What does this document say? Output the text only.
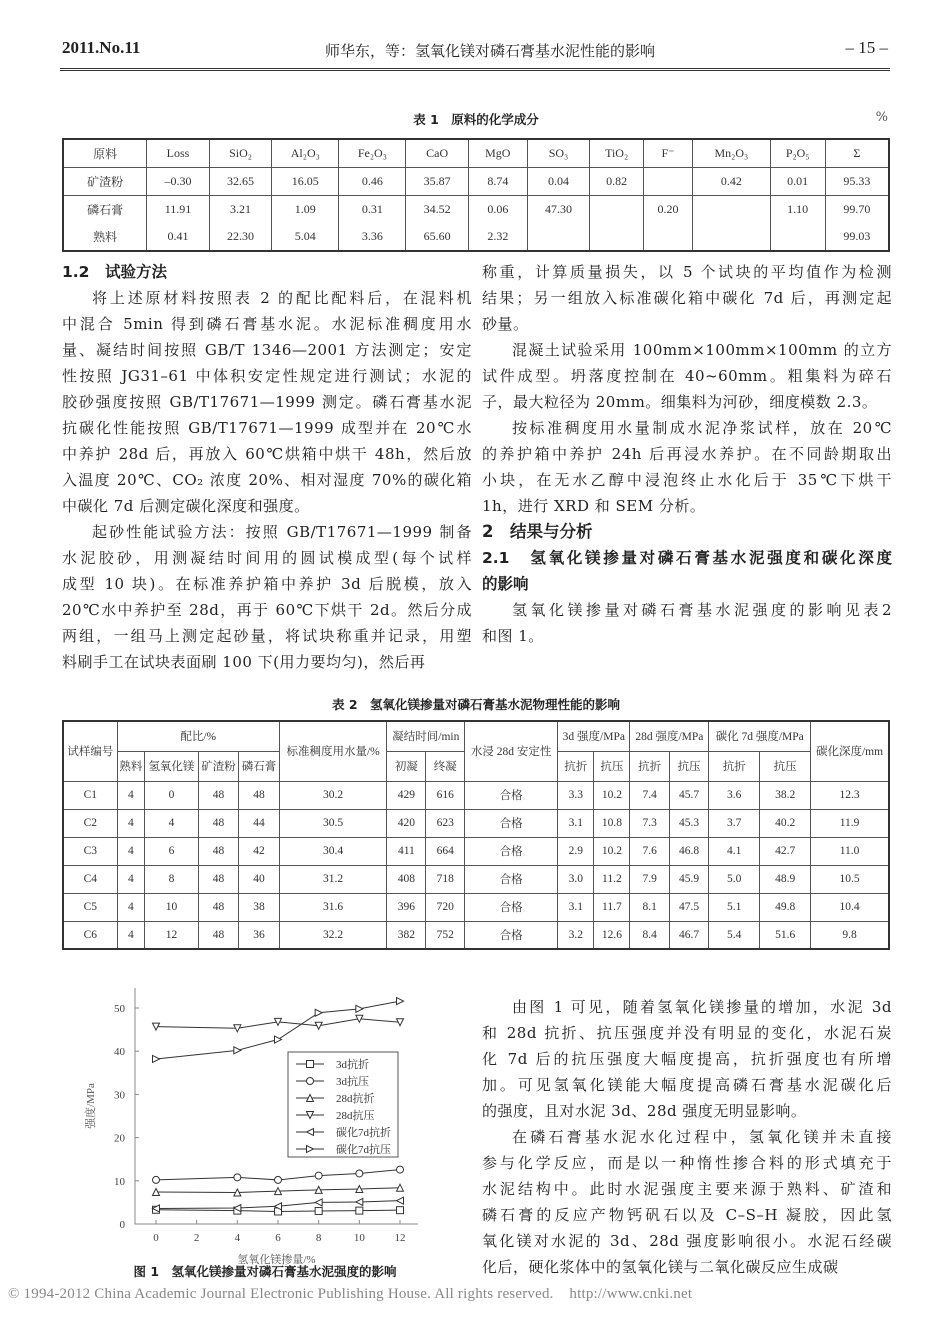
2011.No.11	师华东，等：氢氧化镁对磷石膏基水泥性能的影响	– 15 –
表 1　原料的化学成分	%
原料	Loss	SiO₂	Al₂O₃	Fe₂O₃	CaO	MgO	SO₃	TiO₂	F⁻	Mn₂O₃	P₂O₅	Σ
矿渣粉	–0.30	32.65	16.05	0.46	35.87	8.74	0.04	0.82		0.42	0.01	95.33
磷石膏	11.91	3.21	1.09	0.31	34.52	0.06	47.30		0.20		1.10	99.70
熟料	0.41	22.30	5.04	3.36	65.60	2.32						99.03
1.2　试验方法
将上述原材料按照表 2 的配比配料后，在混料机
中混合 5min 得到磷石膏基水泥。水泥标准稠度用水
量、凝结时间按照 GB/T 1346—2001 方法测定；安定
性按照 JG31–61 中体积安定性规定进行测试；水泥的
胶砂强度按照 GB/T17671—1999 测定。磷石膏基水泥
抗碳化性能按照 GB/T17671—1999 成型并在 20℃水
中养护 28d 后，再放入 60℃烘箱中烘干 48h，然后放
入温度 20℃、CO₂ 浓度 20%、相对湿度 70%的碳化箱
中碳化 7d 后测定碳化深度和强度。
起砂性能试验方法：按照 GB/T17671—1999 制备
水泥胶砂，用测凝结时间用的圆试模成型(每个试样
成型 10 块)。在标准养护箱中养护 3d 后脱模，放入
20℃水中养护至 28d，再于 60℃下烘干 2d。然后分成
两组，一组马上测定起砂量，将试块称重并记录，用塑
料刷手工在试块表面刷 100 下(用力要均匀)，然后再
称重，计算质量损失，以 5 个试块的平均值作为检测
结果；另一组放入标准碳化箱中碳化 7d 后，再测定起
砂量。
混凝土试验采用 100mm×100mm×100mm 的立方
试件成型。坍落度控制在 40~60mm。粗集料为碎石
子，最大粒径为 20mm。细集料为河砂，细度模数 2.3。
按标准稠度用水量制成水泥净浆试样，放在 20℃
的养护箱中养护 24h 后再浸水养护。在不同龄期取出
小块，在无水乙醇中浸泡终止水化后于 35℃下烘干
1h，进行 XRD 和 SEM 分析。
2　结果与分析
2.1　氢氧化镁掺量对磷石膏基水泥强度和碳化深度
的影响
氢氧化镁掺量对磷石膏基水泥强度的影响见表2
和图 1。
表 2　氢氧化镁掺量对磷石膏基水泥物理性能的影响
试样编号	配比/%				标准稠度用水量/%	凝结时间/min		水浸 28d 安定性	3d 强度/MPa		28d 强度/MPa		碳化 7d 强度/MPa		碳化深度/mm
	熟料	氢氧化镁	矿渣粉	磷石膏		初凝	终凝		抗折	抗压	抗折	抗压	抗折	抗压	
C1	4	0	48	48	30.2	429	616	合格	3.3	10.2	7.4	45.7	3.6	38.2	12.3
C2	4	4	48	44	30.5	420	623	合格	3.1	10.8	7.3	45.3	3.7	40.2	11.9
C3	4	6	48	42	30.4	411	664	合格	2.9	10.2	7.6	46.8	4.1	42.7	11.0
C4	4	8	48	40	31.2	408	718	合格	3.0	11.2	7.9	45.9	5.0	48.9	10.5
C5	4	10	48	38	31.6	396	720	合格	3.1	11.7	8.1	47.5	5.1	49.8	10.4
C6	4	12	48	36	32.2	382	752	合格	3.2	12.6	8.4	46.7	5.4	51.6	9.8
0
10
20
30
40
50
0	2	4	6	8	10	12
氢氧化镁掺量/%
强度/MPa
3d抗折
3d抗压
28d抗折
28d抗压
碳化7d抗折
碳化7d抗压
图 1　氢氧化镁掺量对磷石膏基水泥强度的影响
由图 1 可见，随着氢氧化镁掺量的增加，水泥 3d
和 28d 抗折、抗压强度并没有明显的变化，水泥石炭
化 7d 后的抗压强度大幅度提高，抗折强度也有所增
加。可见氢氧化镁能大幅度提高磷石膏基水泥碳化后
的强度，且对水泥 3d、28d 强度无明显影响。
在磷石膏基水泥水化过程中，氢氧化镁并未直接
参与化学反应，而是以一种惰性掺合料的形式填充于
水泥结构中。此时水泥强度主要来源于熟料、矿渣和
磷石膏的反应产物钙矾石以及 C–S–H 凝胶，因此氢
氧化镁对水泥的 3d、28d 强度影响很小。水泥石经碳
化后，硬化浆体中的氢氧化镁与二氧化碳反应生成碳
© 1994-2012 China Academic Journal Electronic Publishing House. All rights reserved. http://www.cnki.net
